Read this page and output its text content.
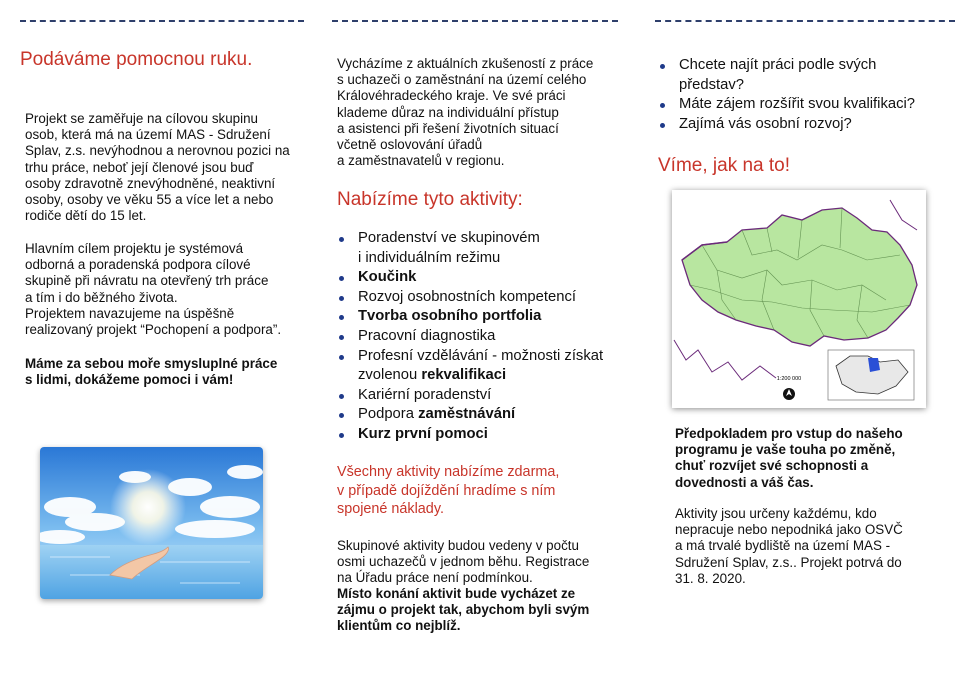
Podáváme pomocnou ruku.

Projekt se zaměřuje na cílovou skupinu
osob, která má na území MAS - Sdružení
Splav, z.s. nevýhodnou a nerovnou pozici na
trhu práce, neboť její členové jsou buď
osoby zdravotně znevýhodněné, neaktivní
osoby, osoby ve věku 55 a více let a nebo
rodiče dětí do 15 let.

Hlavním cílem projektu je systémová
odborná a poradenská podpora cílové
skupině při návratu na otevřený trh práce
a tím i do běžného života.
Projektem navazujeme na úspěšně
realizovaný projekt “Pochopení a podpora”.

Máme za sebou moře smysluplné práce
s lidmi, dokážeme pomoci i vám!

Vycházíme z aktuálních zkušeností z práce
s uchazeči o zaměstnání na území celého
Královéhradeckého kraje. Ve své práci
klademe důraz na individuální přístup
a asistenci při řešení životních situací
včetně oslovování úřadů
a zaměstnavatelů v regionu.

Nabízíme tyto aktivity:
Poradenství ve skupinovém
i individuálním režimu
Koučink
Rozvoj osobnostních kompetencí
Tvorba osobního portfolia
Pracovní diagnostika
Profesní vzdělávání - možnosti získat
zvolenou rekvalifikaci
Kariérní poradenství
Podpora zaměstnávání
Kurz první pomoci

Všechny aktivity nabízíme zdarma,
v případě dojíždění hradíme s ním
spojené náklady.

Skupinové aktivity budou vedeny v počtu
osmi uchazečů v jednom běhu. Registrace
na Úřadu práce není podmínkou.

Místo konání aktivit bude vycházet ze
zájmu o projekt tak, abychom byli svým
klientům co nejblíž.

Chcete najít práci podle svých
představ?
Máte zájem rozšířit svou kvalifikaci?
Zajímá vás osobní rozvoj?
Víme, jak na to!
1:200 000

Předpokladem pro vstup do našeho
programu je vaše touha po změně,
chuť rozvíjet své schopnosti a
dovednosti a váš čas.

Aktivity jsou určeny každému, kdo
nepracuje nebo nepodniká jako OSVČ
a má trvalé bydliště na území MAS -
Sdružení Splav, z.s.. Projekt potrvá do
31. 8. 2020.
